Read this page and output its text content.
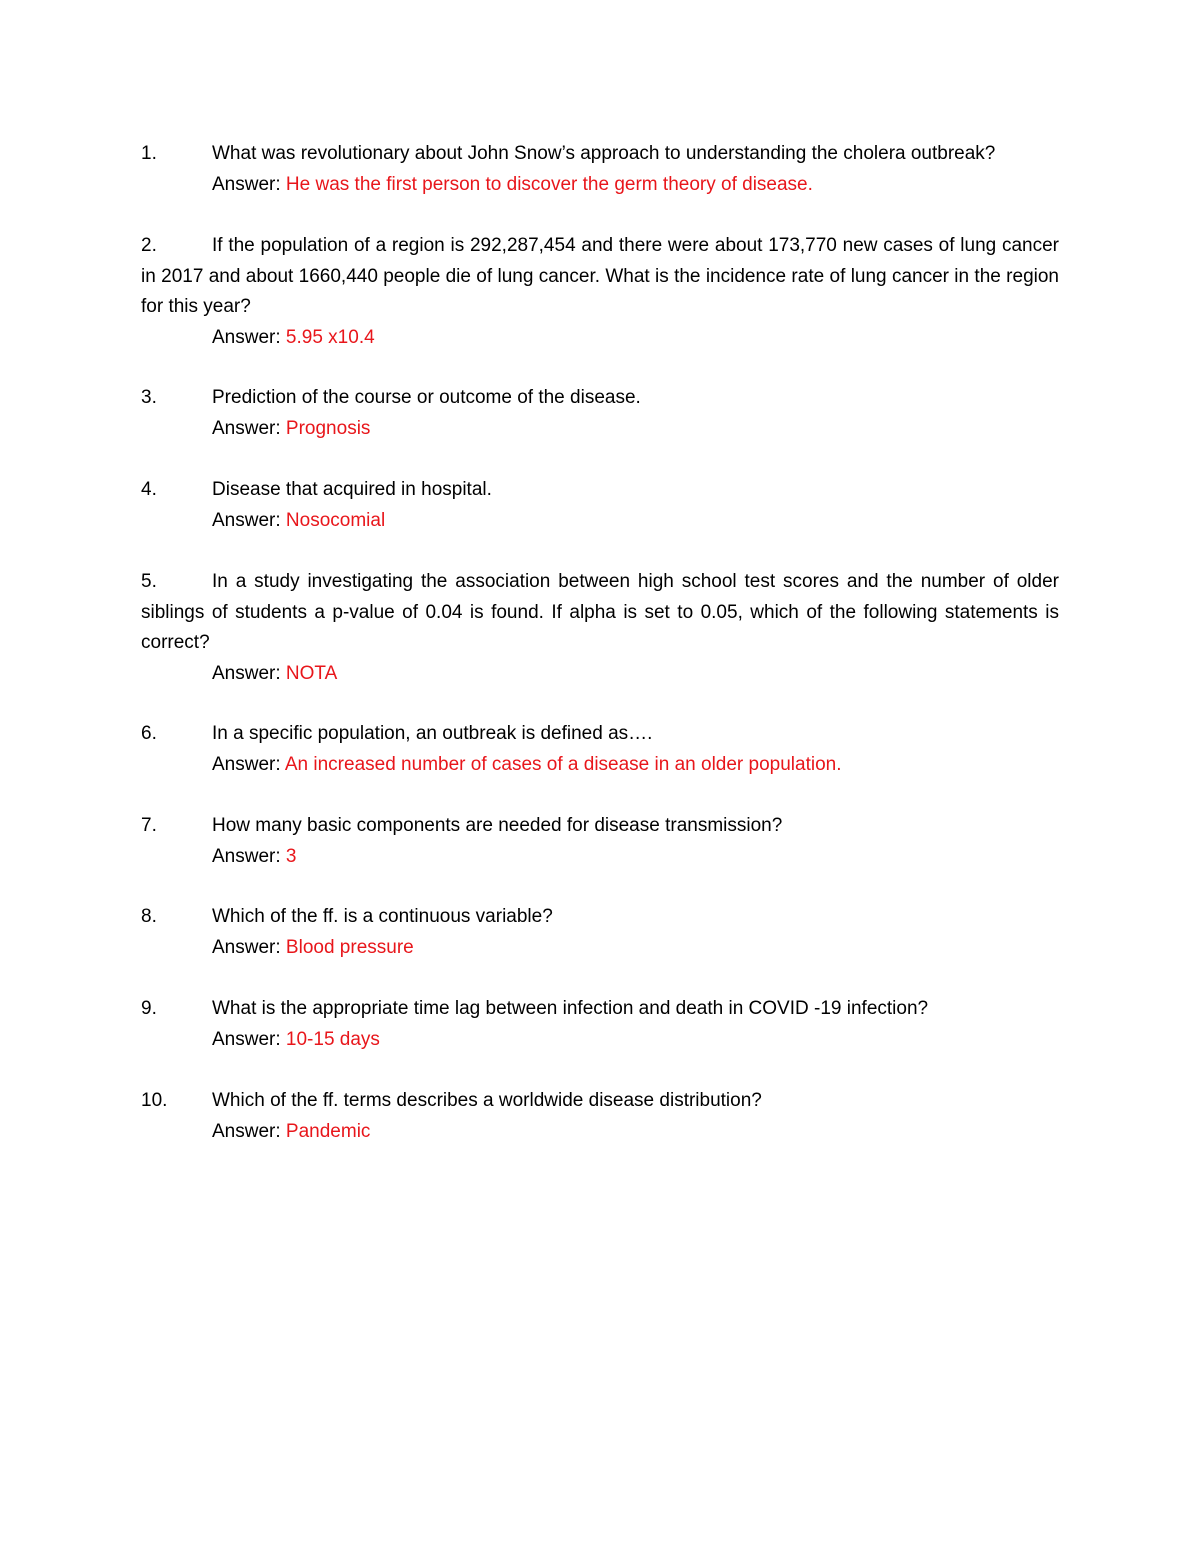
1.	What was revolutionary about John Snow’s approach to understanding the cholera outbreak?

Answer: He was the first person to discover the germ theory of disease.

2.	If the population of a region is 292,287,454 and there were about 173,770 new cases of lung cancer in 2017 and about 1660,440 people die of lung cancer. What is the incidence rate of lung cancer in the region for this year?

Answer: 5.95 x10.4

3.	Prediction of the course or outcome of the disease.

Answer: Prognosis

4.	Disease that acquired in hospital.

Answer: Nosocomial

5.	In a study investigating the association between high school test scores and the number of older siblings of students a p-value of 0.04 is found. If alpha is set to 0.05, which of the following statements is correct?

Answer: NOTA

6.	In a specific population, an outbreak is defined as….

Answer: An increased number of cases of a disease in an older population.

7.	How many basic components are needed for disease transmission?

Answer: 3

8.	Which of the ff. is a continuous variable?

Answer: Blood pressure

9.	What is the appropriate time lag between infection and death in COVID -19 infection?

Answer: 10-15 days

10. Which of the ff. terms describes a worldwide disease distribution?

Answer: Pandemic
